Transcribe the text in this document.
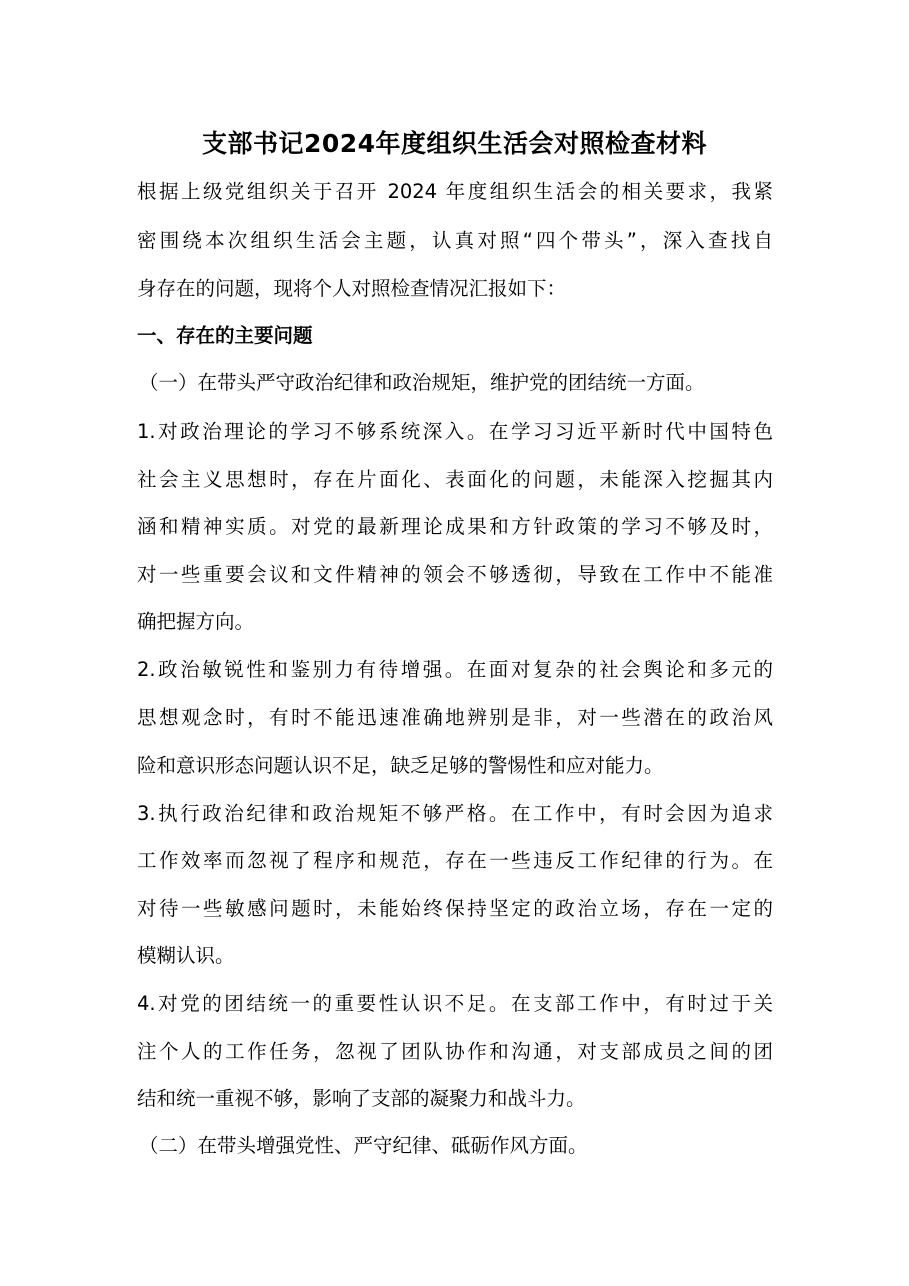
支部书记2024年度组织生活会对照检查材料
根据上级党组织关于召开 2024 年度组织生活会的相关要求，我紧
密围绕本次组织生活会主题，认真对照“四个带头”，深入查找自
身存在的问题，现将个人对照检查情况汇报如下：
一、存在的主要问题
（一）在带头严守政治纪律和政治规矩，维护党的团结统一方面。
1.对政治理论的学习不够系统深入。在学习习近平新时代中国特色
社会主义思想时，存在片面化、表面化的问题，未能深入挖掘其内
涵和精神实质。对党的最新理论成果和方针政策的学习不够及时，
对一些重要会议和文件精神的领会不够透彻，导致在工作中不能准
确把握方向。
2.政治敏锐性和鉴别力有待增强。在面对复杂的社会舆论和多元的
思想观念时，有时不能迅速准确地辨别是非，对一些潜在的政治风
险和意识形态问题认识不足，缺乏足够的警惕性和应对能力。
3.执行政治纪律和政治规矩不够严格。在工作中，有时会因为追求
工作效率而忽视了程序和规范，存在一些违反工作纪律的行为。在
对待一些敏感问题时，未能始终保持坚定的政治立场，存在一定的
模糊认识。
4.对党的团结统一的重要性认识不足。在支部工作中，有时过于关
注个人的工作任务，忽视了团队协作和沟通，对支部成员之间的团
结和统一重视不够，影响了支部的凝聚力和战斗力。
（二）在带头增强党性、严守纪律、砥砺作风方面。
